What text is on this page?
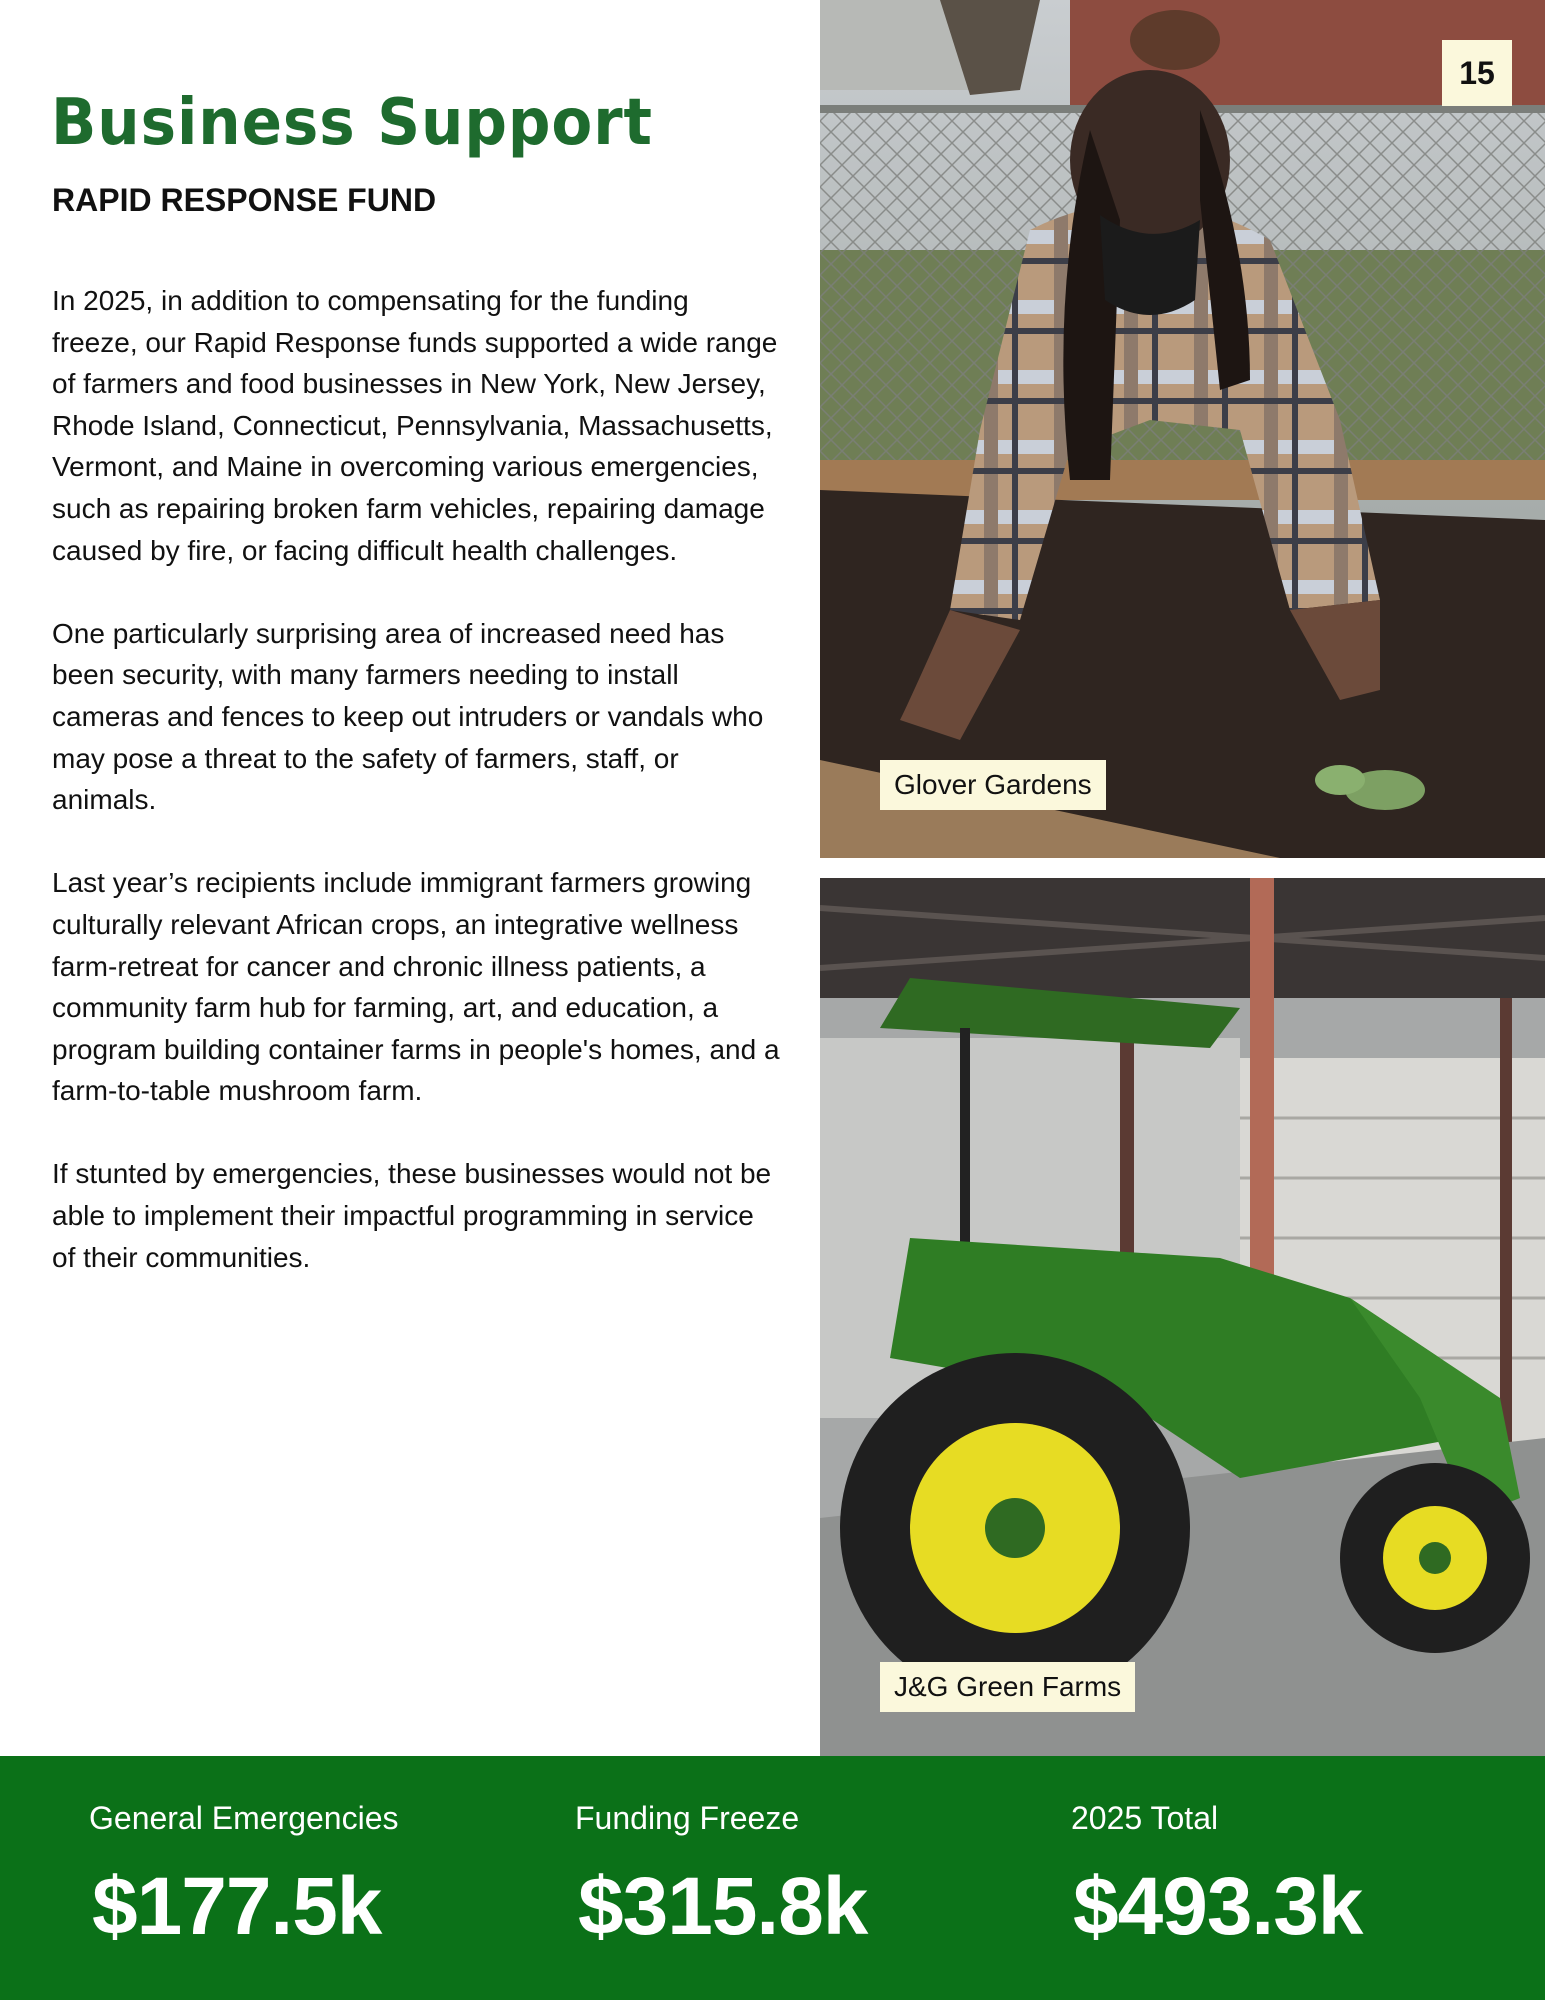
Business Support
RAPID RESPONSE FUND

In 2025, in addition to compensating for the funding freeze, our Rapid Response funds supported a wide range of farmers and food businesses in New York, New Jersey, Rhode Island, Connecticut, Pennsylvania, Massachusetts, Vermont, and Maine in overcoming various emergencies, such as repairing broken farm vehicles, repairing damage caused by fire, or facing difficult health challenges.

One particularly surprising area of increased need has been security, with many farmers needing to install cameras and fences to keep out intruders or vandals who may pose a threat to the safety of farmers, staff, or animals.

Last year’s recipients include immigrant farmers growing culturally relevant African crops, an integrative wellness farm-retreat for cancer and chronic illness patients, a community farm hub for farming, art, and education, a program building container farms in people's homes, and a farm-to-table mushroom farm.

If stunted by emergencies, these businesses would not be able to implement their impactful programming in service of their communities.

Glover Gardens
15
J&G Green Farms
General Emergencies
$177.5k
Funding Freeze
$315.8k
2025 Total
$493.3k
